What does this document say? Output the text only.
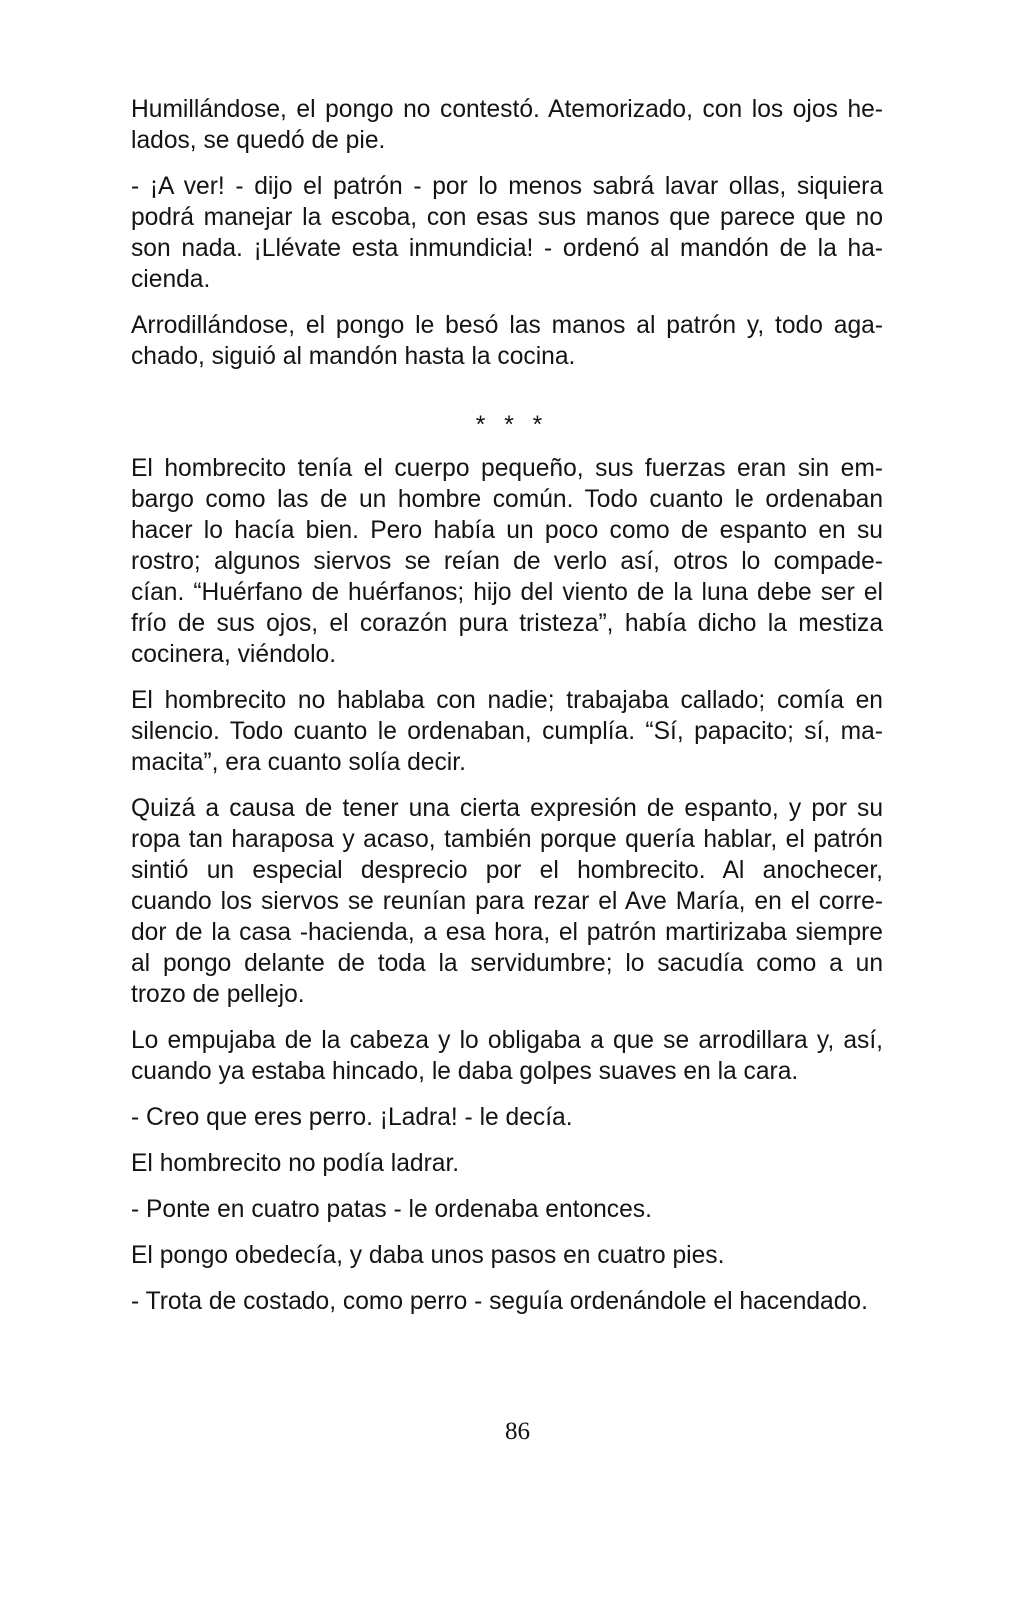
Humillándose, el pongo no contestó. Atemorizado, con los ojos he-
lados, se quedó de pie.

- ¡A ver! - dijo el patrón - por lo menos sabrá lavar ollas, siquiera
podrá manejar la escoba, con esas sus manos que parece que no
son nada. ¡Llévate esta inmundicia! - ordenó al mandón de la ha-
cienda.

Arrodillándose, el pongo le besó las manos al patrón y, todo aga-
chado, siguió al mandón hasta la cocina.

* * *

El hombrecito tenía el cuerpo pequeño, sus fuerzas eran sin em-
bargo como las de un hombre común. Todo cuanto le ordenaban
hacer lo hacía bien. Pero había un poco como de espanto en su
rostro; algunos siervos se reían de verlo así, otros lo compade-
cían. “Huérfano de huérfanos; hijo del viento de la luna debe ser el
frío de sus ojos, el corazón pura tristeza”, había dicho la mestiza
cocinera, viéndolo.

El hombrecito no hablaba con nadie; trabajaba callado; comía en
silencio. Todo cuanto le ordenaban, cumplía. “Sí, papacito; sí, ma-
macita”, era cuanto solía decir.

Quizá a causa de tener una cierta expresión de espanto, y por su
ropa tan haraposa y acaso, también porque quería hablar, el patrón
sintió un especial desprecio por el hombrecito. Al anochecer,
cuando los siervos se reunían para rezar el Ave María, en el corre-
dor de la casa -hacienda, a esa hora, el patrón martirizaba siempre
al pongo delante de toda la servidumbre; lo sacudía como a un
trozo de pellejo.

Lo empujaba de la cabeza y lo obligaba a que se arrodillara y, así,
cuando ya estaba hincado, le daba golpes suaves en la cara.

- Creo que eres perro. ¡Ladra! - le decía.

El hombrecito no podía ladrar.

- Ponte en cuatro patas - le ordenaba entonces.

El pongo obedecía, y daba unos pasos en cuatro pies.

- Trota de costado, como perro - seguía ordenándole el hacendado.

86
